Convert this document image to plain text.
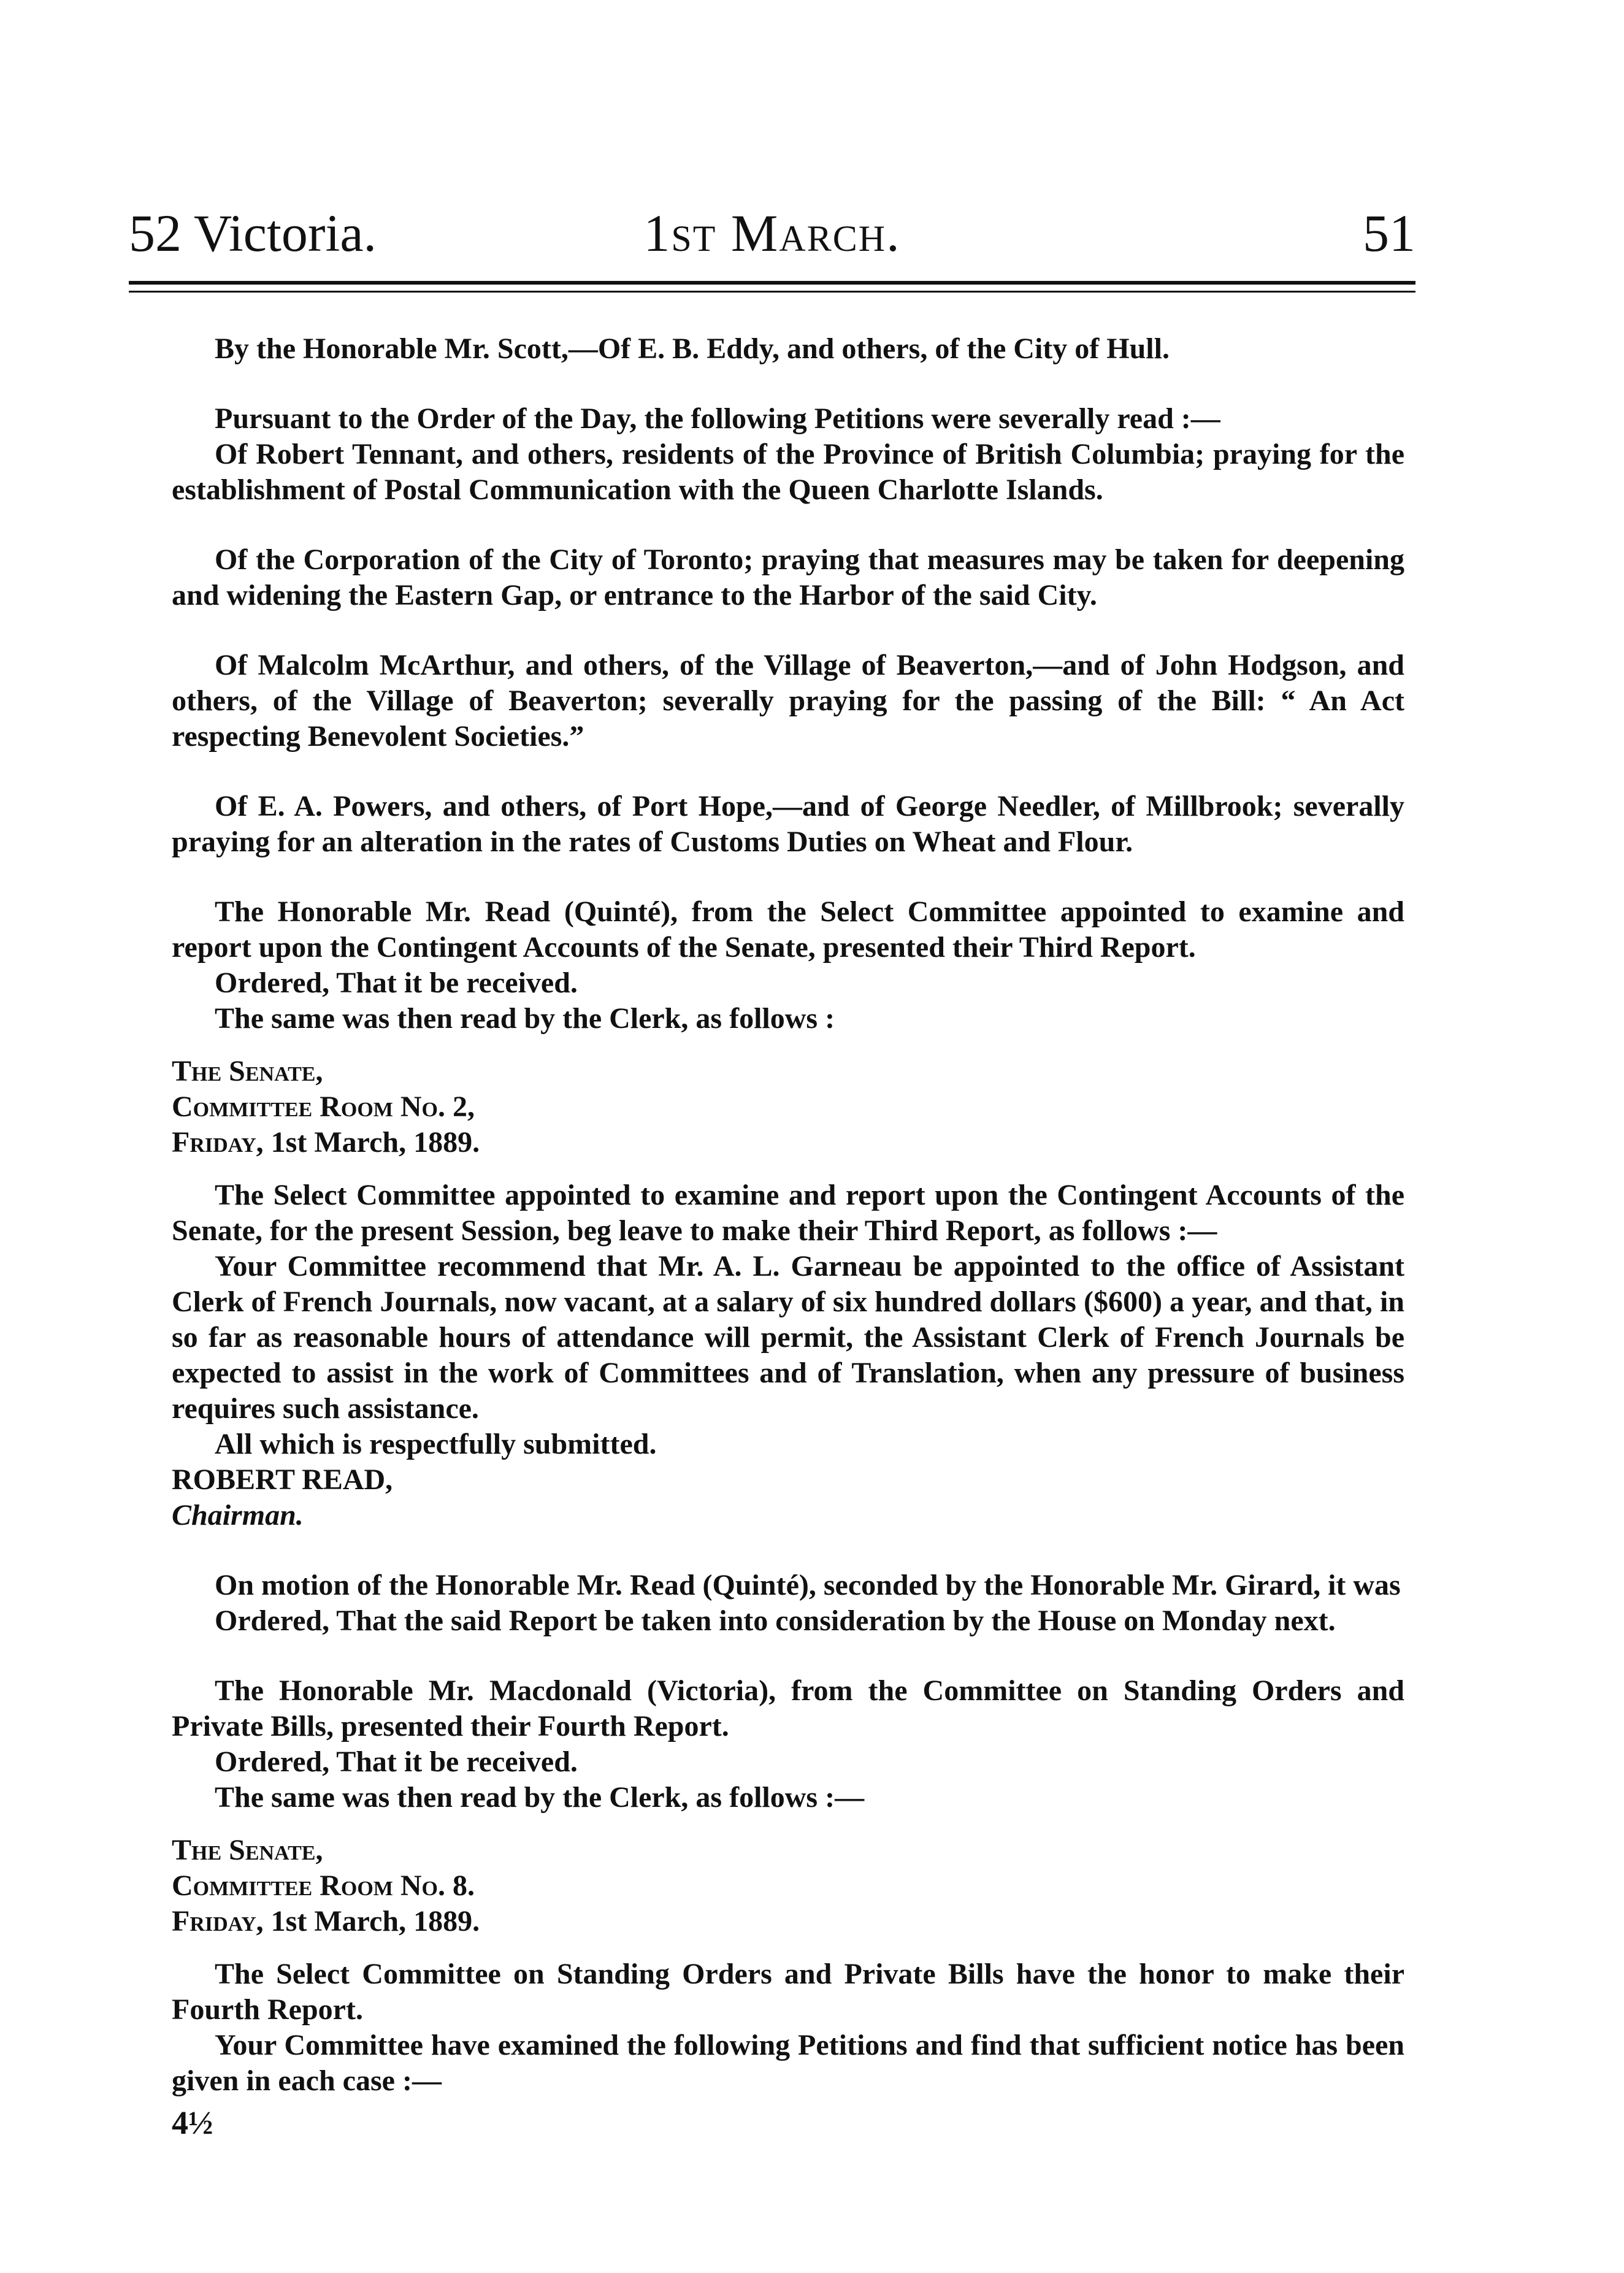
52 Victoria.	1st March.	51

By the Honorable Mr. Scott,—Of E. B. Eddy, and others, of the City of Hull.

Pursuant to the Order of the Day, the following Petitions were severally read :—

Of Robert Tennant, and others, residents of the Province of British Columbia; praying for the establishment of Postal Communication with the Queen Charlotte Islands.

Of the Corporation of the City of Toronto; praying that measures may be taken for deepening and widening the Eastern Gap, or entrance to the Harbor of the said City.

Of Malcolm McArthur, and others, of the Village of Beaverton,—and of John Hodgson, and others, of the Village of Beaverton; severally praying for the passing of the Bill: “ An Act respecting Benevolent Societies.”

Of E. A. Powers, and others, of Port Hope,—and of George Needler, of Millbrook; severally praying for an alteration in the rates of Customs Duties on Wheat and Flour.

The Honorable Mr. Read (Quinté), from the Select Committee appointed to examine and report upon the Contingent Accounts of the Senate, presented their Third Report.

Ordered, That it be received.

The same was then read by the Clerk, as follows :

The Senate,

Committee Room No. 2,

Friday, 1st March, 1889.

The Select Committee appointed to examine and report upon the Contingent Accounts of the Senate, for the present Session, beg leave to make their Third Report, as follows :—

Your Committee recommend that Mr. A. L. Garneau be appointed to the office of Assistant Clerk of French Journals, now vacant, at a salary of six hundred dollars ($600) a year, and that, in so far as reasonable hours of attendance will permit, the Assistant Clerk of French Journals be expected to assist in the work of Committees and of Translation, when any pressure of business requires such assistance.

All which is respectfully submitted.

ROBERT READ,

Chairman.

On motion of the Honorable Mr. Read (Quinté), seconded by the Honorable Mr. Girard, it was

Ordered, That the said Report be taken into consideration by the House on Monday next.

The Honorable Mr. Macdonald (Victoria), from the Committee on Standing Orders and Private Bills, presented their Fourth Report.

Ordered, That it be received.

The same was then read by the Clerk, as follows :—

The Senate,

Committee Room No. 8.

Friday, 1st March, 1889.

The Select Committee on Standing Orders and Private Bills have the honor to make their Fourth Report.

Your Committee have examined the following Petitions and find that sufficient notice has been given in each case :—

4½
